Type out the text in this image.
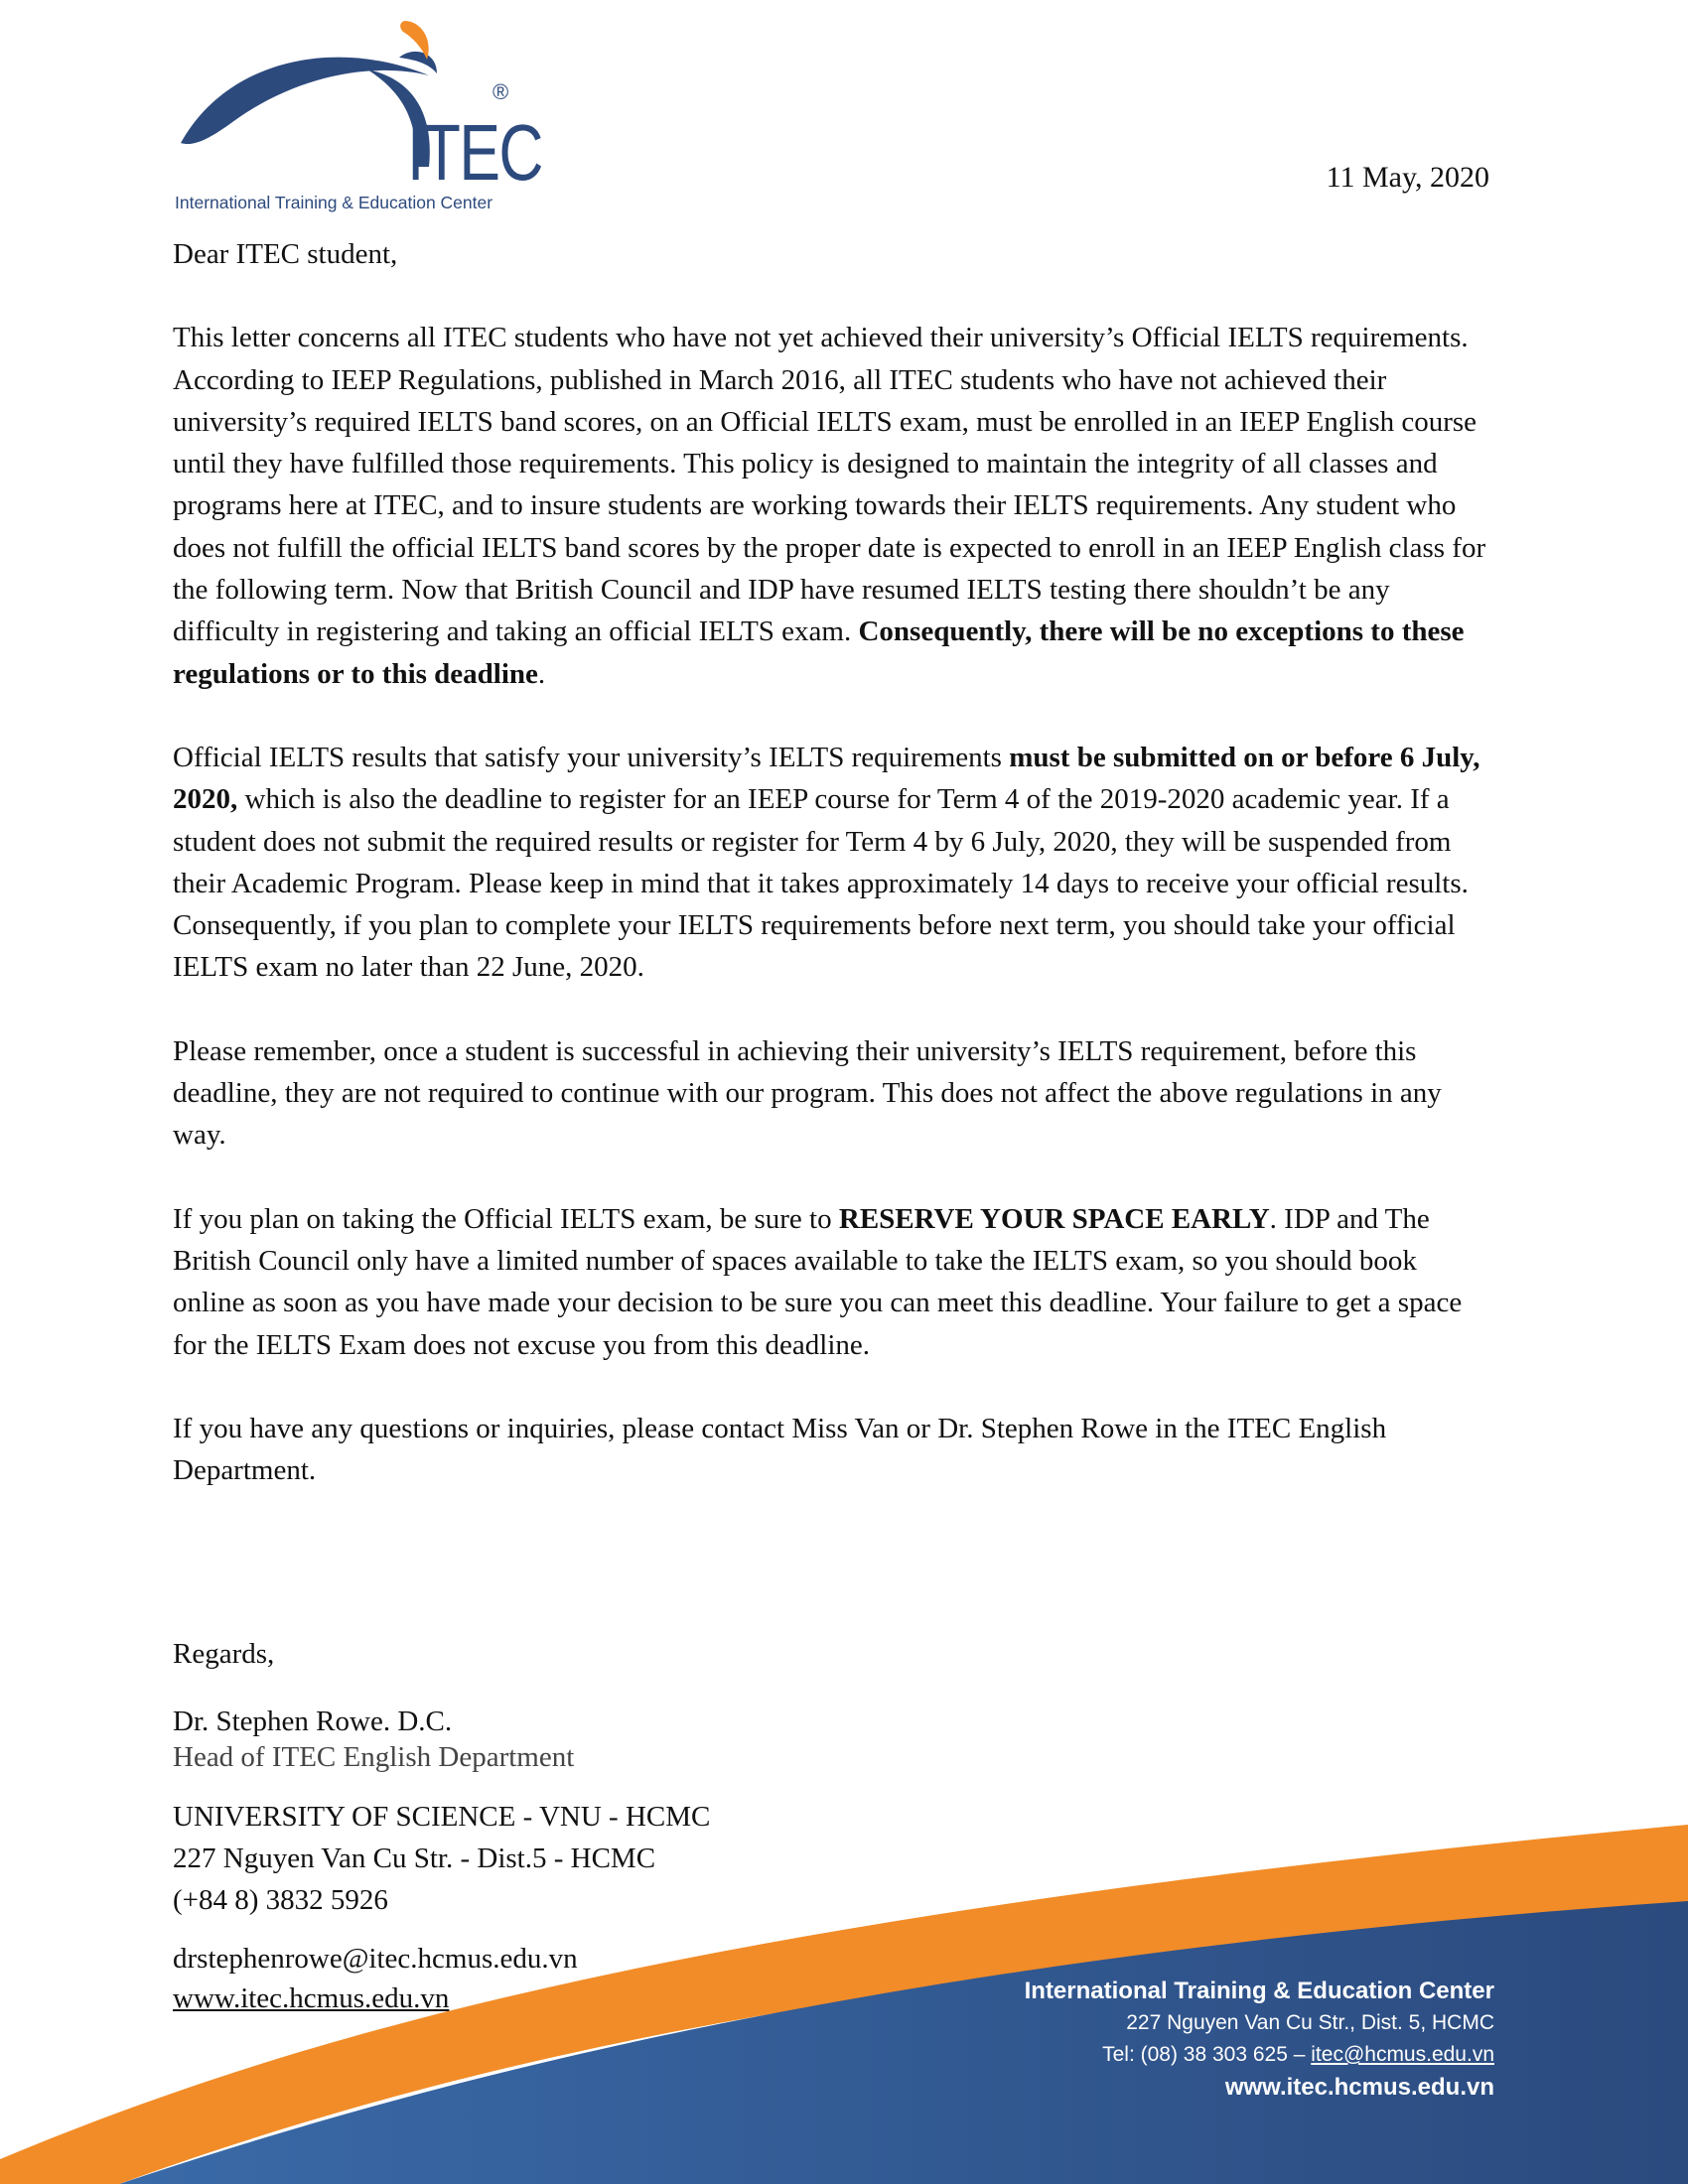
ITEC
®
International Training & Education Center
11 May, 2020

Dear ITEC student,

This letter concerns all ITEC students who have not yet achieved their university’s Official IELTS requirements. According to IEEP Regulations, published in March 2016, all ITEC students who have not achieved their university’s required IELTS band scores, on an Official IELTS exam, must be enrolled in an IEEP English course until they have fulfilled those requirements. This policy is designed to maintain the integrity of all classes and programs here at ITEC, and to insure students are working towards their IELTS requirements. Any student who does not fulfill the official IELTS band scores by the proper date is expected to enroll in an IEEP English class for the following term. Now that British Council and IDP have resumed IELTS testing there shouldn’t be any difficulty in registering and taking an official IELTS exam. Consequently, there will be no exceptions to these regulations or to this deadline.

Official IELTS results that satisfy your university’s IELTS requirements must be submitted on or before 6 July, 2020, which is also the deadline to register for an IEEP course for Term 4 of the 2019-2020 academic year. If a student does not submit the required results or register for Term 4 by 6 July, 2020, they will be suspended from their Academic Program. Please keep in mind that it takes approximately 14 days to receive your official results. Consequently, if you plan to complete your IELTS requirements before next term, you should take your official IELTS exam no later than 22 June, 2020.

Please remember, once a student is successful in achieving their university’s IELTS requirement, before this deadline, they are not required to continue with our program. This does not affect the above regulations in any way.

If you plan on taking the Official IELTS exam, be sure to RESERVE YOUR SPACE EARLY. IDP and The British Council only have a limited number of spaces available to take the IELTS exam, so you should book online as soon as you have made your decision to be sure you can meet this deadline. Your failure to get a space for the IELTS Exam does not excuse you from this deadline.

If you have any questions or inquiries, please contact Miss Van or Dr. Stephen Rowe in the ITEC English Department.

Regards,
Dr. Stephen Rowe. D.C.
Head of ITEC English Department
UNIVERSITY OF SCIENCE - VNU - HCMC
227 Nguyen Van Cu Str. - Dist.5 - HCMC
(+84 8) 3832 5926
drstephenrowe@itec.hcmus.edu.vn
www.itec.hcmus.edu.vn	International Training & Education Center
227 Nguyen Van Cu Str., Dist. 5, HCMC
Tel: (08) 38 303 625 – itec@hcmus.edu.vn
www.itec.hcmus.edu.vn
